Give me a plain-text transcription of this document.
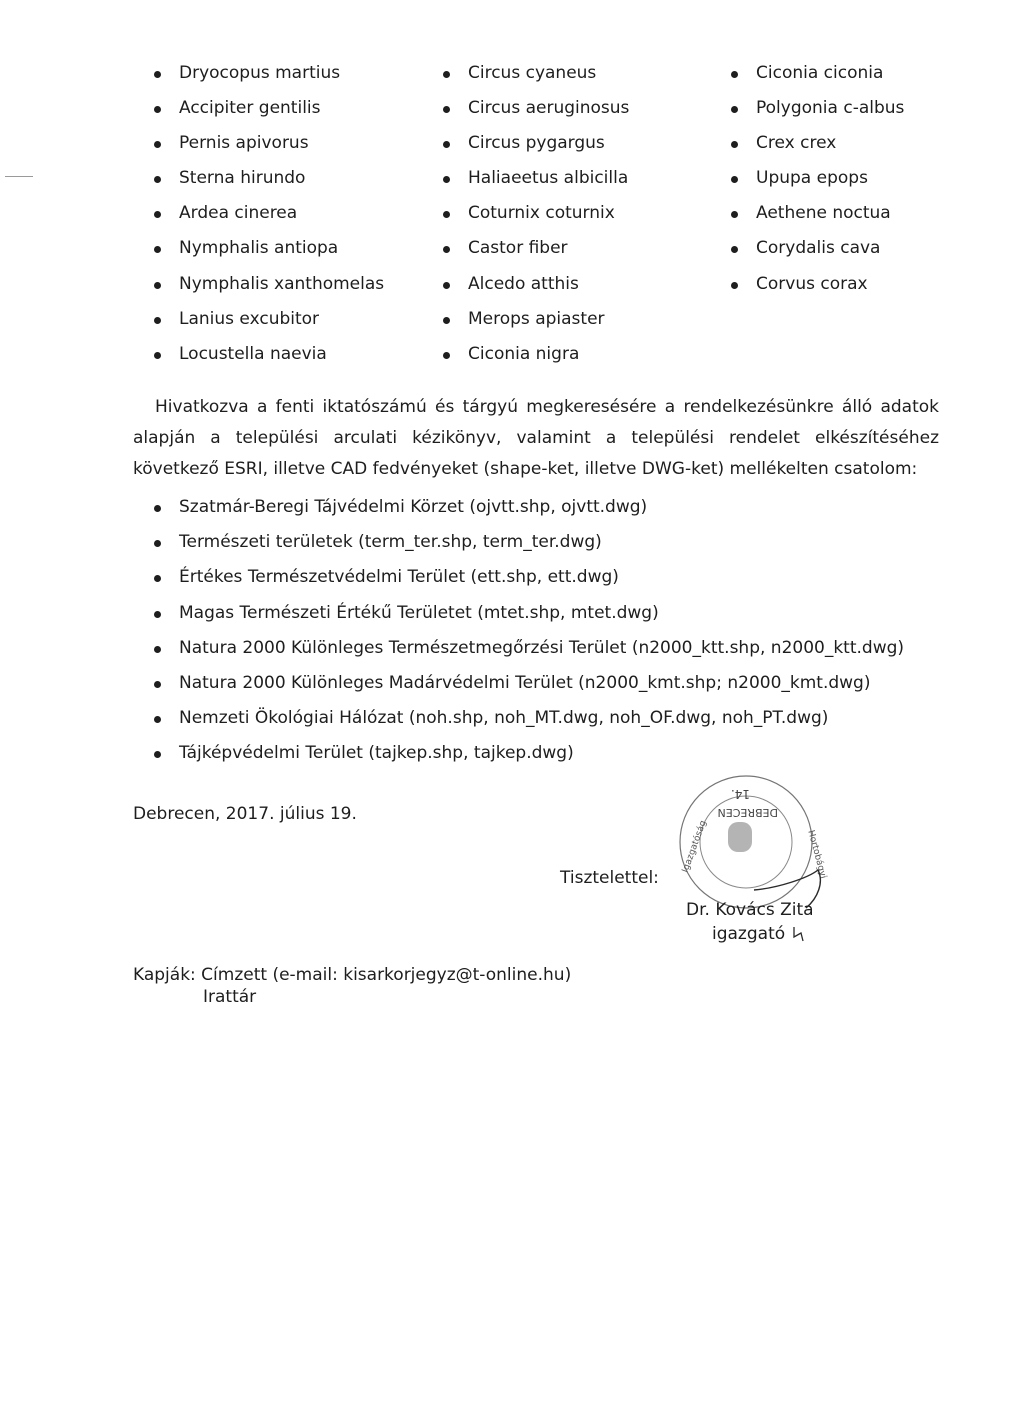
Dryocopus martius
Accipiter gentilis
Pernis apivorus
Sterna hirundo
Ardea cinerea
Nymphalis antiopa
Nymphalis xanthomelas
Lanius excubitor
Locustella naevia
Circus cyaneus
Circus aeruginosus
Circus pygargus
Haliaeetus albicilla
Coturnix coturnix
Castor fiber
Alcedo atthis
Merops apiaster
Ciconia nigra
Ciconia ciconia
Polygonia c-albus
Crex crex
Upupa epops
Aethene noctua
Corydalis cava
Corvus corax

Hivatkozva a fenti iktatószámú és tárgyú megkeresésére a rendelkezésünkre álló adatok alapján a települési arculati kézikönyv, valamint a települési rendelet elkészítéséhez következő ESRI, illetve CAD fedvényeket (shape-ket, illetve DWG-ket) mellékelten csatolom:

Szatmár-Beregi Tájvédelmi Körzet (ojvtt.shp, ojvtt.dwg)
Természeti területek (term_ter.shp, term_ter.dwg)
Értékes Természetvédelmi Terület (ett.shp, ett.dwg)
Magas Természeti Értékű Területet (mtet.shp, mtet.dwg)
Natura 2000 Különleges Természetmegőrzési Terület (n2000_ktt.shp, n2000_ktt.dwg)
Natura 2000 Különleges Madárvédelmi Terület (n2000_kmt.shp; n2000_kmt.dwg)
Nemzeti Ökológiai Hálózat (noh.shp, noh_MT.dwg, noh_OF.dwg, noh_PT.dwg)
Tájképvédelmi Terület (tajkep.shp, tajkep.dwg)
Debrecen, 2017. július 19.
14.
DEBRECEN
Hortobágyi
Igazgatóság
Tisztelettel:
Dr. Kovács Zita
igazgató
Kapják: Címzett (e-mail: kisarkorjegyz@t-online.hu)
Irattár
